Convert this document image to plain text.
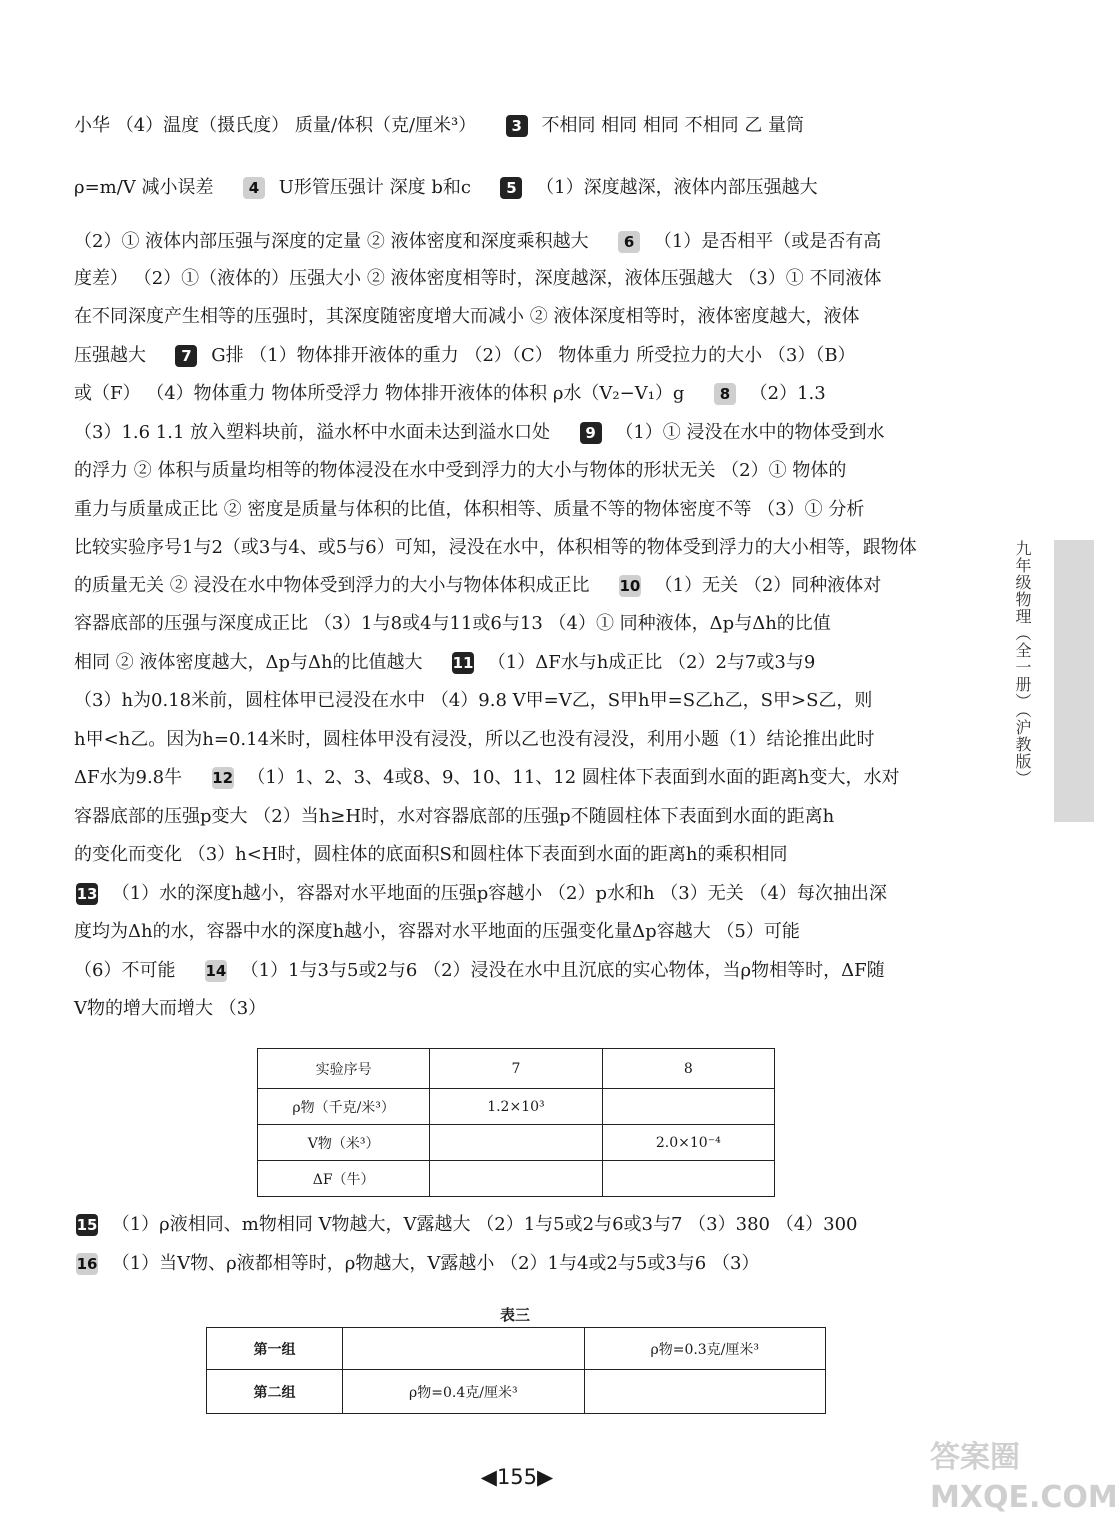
小华 （4）温度（摄氏度） 质量/体积（克/厘米³） 3 不相同 相同 相同 不相同 乙 量筒
ρ=m/V 减小误差 4 U形管压强计 深度 b和c 5 （1）深度越深，液体内部压强越大
（2）① 液体内部压强与深度的定量 ② 液体密度和深度乘积越大 6 （1）是否相平（或是否有高
度差） （2）①（液体的）压强大小 ② 液体密度相等时，深度越深，液体压强越大 （3）① 不同液体
在不同深度产生相等的压强时，其深度随密度增大而减小 ② 液体深度相等时，液体密度越大，液体
压强越大 7 G排 （1）物体排开液体的重力 （2）（C） 物体重力 所受拉力的大小 （3）（B）
或（F） （4）物体重力 物体所受浮力 物体排开液体的体积 ρ水（V₂−V₁）g 8 （2）1.3
（3）1.6 1.1 放入塑料块前，溢水杯中水面未达到溢水口处 9 （1）① 浸没在水中的物体受到水
的浮力 ② 体积与质量均相等的物体浸没在水中受到浮力的大小与物体的形状无关 （2）① 物体的
重力与质量成正比 ② 密度是质量与体积的比值，体积相等、质量不等的物体密度不等 （3）① 分析
比较实验序号1与2（或3与4、或5与6）可知，浸没在水中，体积相等的物体受到浮力的大小相等，跟物体
的质量无关 ② 浸没在水中物体受到浮力的大小与物体体积成正比 10 （1）无关 （2）同种液体对
容器底部的压强与深度成正比 （3）1与8或4与11或6与13 （4）① 同种液体，Δp与Δh的比值
相同 ② 液体密度越大，Δp与Δh的比值越大 11 （1）ΔF水与h成正比 （2）2与7或3与9
（3）h为0.18米前，圆柱体甲已浸没在水中 （4）9.8 V甲=V乙，S甲h甲=S乙h乙，S甲>S乙，则
h甲<h乙。因为h=0.14米时，圆柱体甲没有浸没，所以乙也没有浸没，利用小题（1）结论推出此时
ΔF水为9.8牛 12 （1）1、2、3、4或8、9、10、11、12 圆柱体下表面到水面的距离h变大，水对
容器底部的压强p变大 （2）当h≥H时，水对容器底部的压强p不随圆柱体下表面到水面的距离h
的变化而变化 （3）h<H时，圆柱体的底面积S和圆柱体下表面到水面的距离h的乘积相同
13 （1）水的深度h越小，容器对水平地面的压强p容越小 （2）p水和h （3）无关 （4）每次抽出深
度均为Δh的水，容器中水的深度h越小，容器对水平地面的压强变化量Δp容越大 （5）可能
（6）不可能 14 （1）1与3与5或2与6 （2）浸没在水中且沉底的实心物体，当ρ物相等时，ΔF随
V物的增大而增大 （3）
实验序号	7	8
ρ物（千克/米³）	1.2×10³	
V物（米³）		2.0×10⁻⁴
ΔF（牛）		
15 （1）ρ液相同、m物相同 V物越大，V露越大 （2）1与5或2与6或3与7 （3）380 （4）300
16 （1）当V物、ρ液都相等时，ρ物越大，V露越小 （2）1与4或2与5或3与6 （3）
表三
第一组		ρ物=0.3克/厘米³
第二组	ρ物=0.4克/厘米³	
九年级物理（全一册）（沪教版）
◀155▶
答案圈 MXQE.COM
